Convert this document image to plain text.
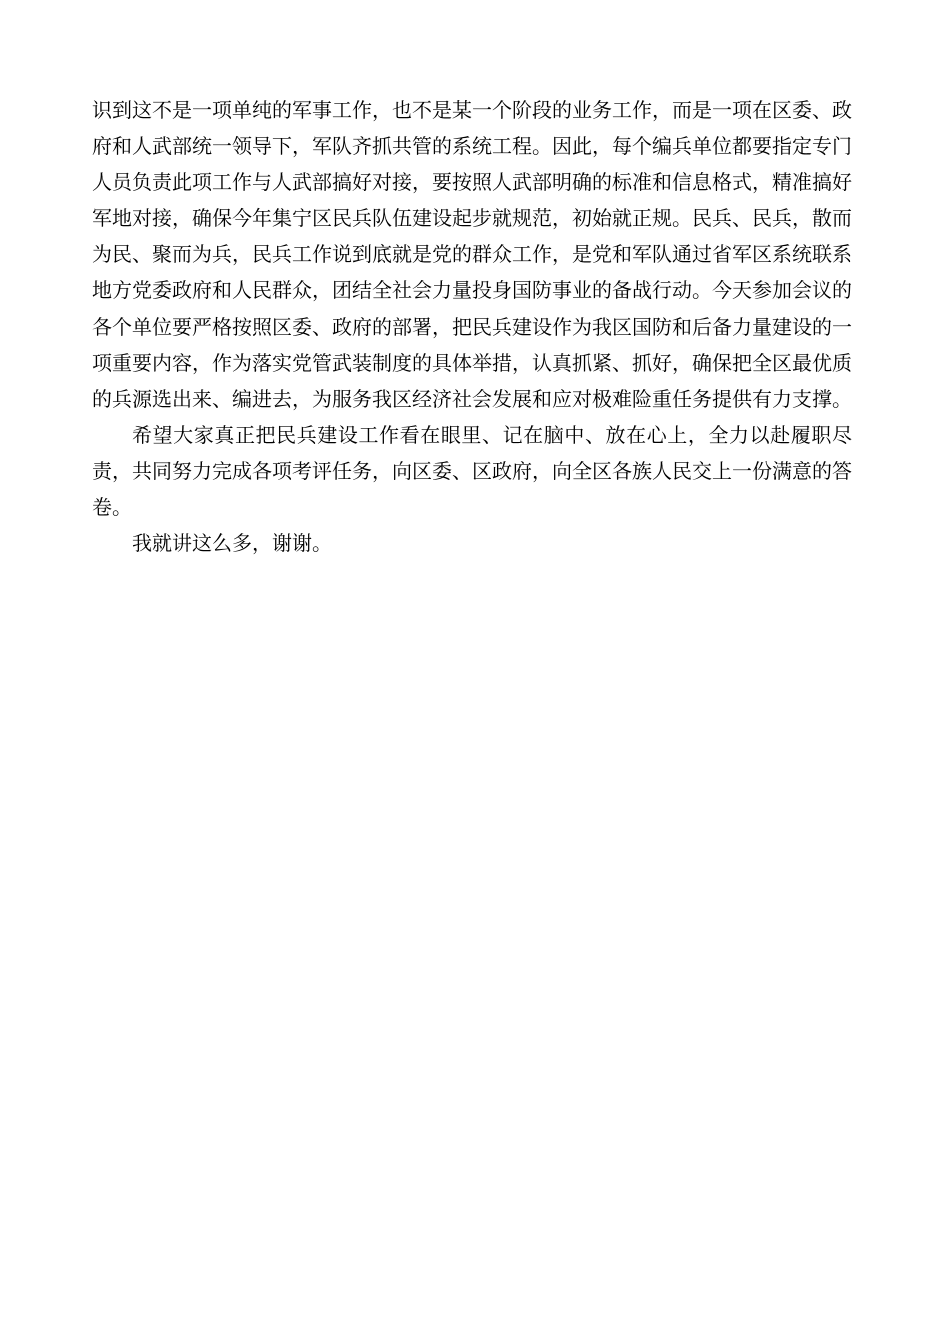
识到这不是一项单纯的军事工作，也不是某一个阶段的业务工作，而是一项在区委、政府和人武部统一领导下，军队齐抓共管的系统工程。因此，每个编兵单位都要指定专门人员负责此项工作与人武部搞好对接，要按照人武部明确的标准和信息格式，精准搞好军地对接，确保今年集宁区民兵队伍建设起步就规范，初始就正规。民兵、民兵，散而为民、聚而为兵，民兵工作说到底就是党的群众工作，是党和军队通过省军区系统联系地方党委政府和人民群众，团结全社会力量投身国防事业的备战行动。今天参加会议的各个单位要严格按照区委、政府的部署，把民兵建设作为我区国防和后备力量建设的一项重要内容，作为落实党管武装制度的具体举措，认真抓紧、抓好，确保把全区最优质的兵源选出来、编进去，为服务我区经济社会发展和应对极难险重任务提供有力支撑。

希望大家真正把民兵建设工作看在眼里、记在脑中、放在心上，全力以赴履职尽责，共同努力完成各项考评任务，向区委、区政府，向全区各族人民交上一份满意的答卷。

我就讲这么多，谢谢。
